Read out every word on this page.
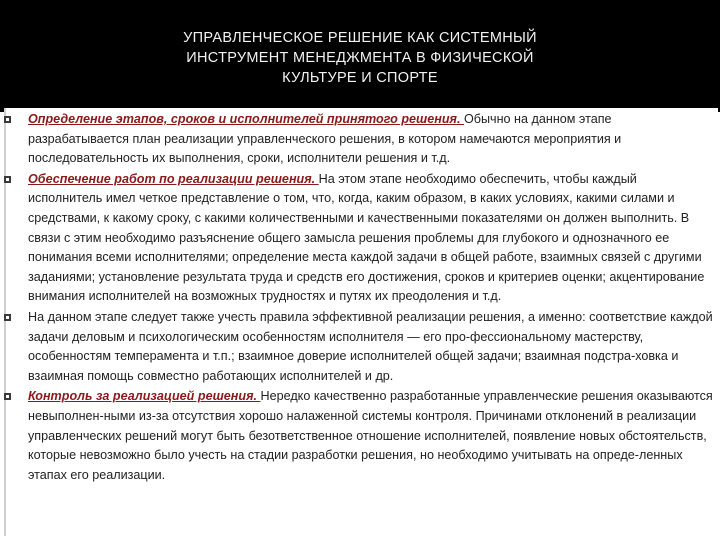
УПРАВЛЕНЧЕСКОЕ РЕШЕНИЕ КАК СИСТЕМНЫЙ
ИНСТРУМЕНТ МЕНЕДЖМЕНТА В ФИЗИЧЕСКОЙ
КУЛЬТУРЕ И СПОРТЕ
Определение этапов, сроков и исполнителей принятого решения. Обычно на данном этапе разрабатывается план реализации управленческого решения, в котором намечаются мероприятия и последовательность их выполнения, сроки, исполнители решения и т.д.
Обеспечение работ по реализации решения. На этом этапе необходимо обеспечить, чтобы каждый исполнитель имел четкое представление о том, что, когда, каким образом, в каких условиях, какими силами и средствами, к какому сроку, с какими количественными и качественными показателями он должен выполнить. В связи с этим необходимо разъяснение общего замысла решения проблемы для глубокого и однозначного ее понимания всеми исполнителями; определение места каждой задачи в общей работе, взаимных связей с другими заданиями; установление результата труда и средств его достижения, сроков и критериев оценки; акцентирование внимания исполнителей на возможных трудностях и путях их преодоления и т.д.
На данном этапе следует также учесть правила эффективной реализации решения, а именно: соответствие каждой задачи деловым и психологическим особенностям исполнителя — его про-фессиональному мастерству, особенностям темперамента и т.п.; взаимное доверие исполнителей общей задачи; взаимная подстра-ховка и взаимная помощь совместно работающих исполнителей и др.
Контроль за реализацией решения. Нередко качественно разработанные управленческие решения оказываются невыполнен-ными из-за отсутствия хорошо налаженной системы контроля. Причинами отклонений в реализации управленческих решений могут быть безответственное отношение исполнителей, появление новых обстоятельств, которые невозможно было учесть на стадии разработки решения, но необходимо учитывать на опреде-ленных этапах его реализации.
